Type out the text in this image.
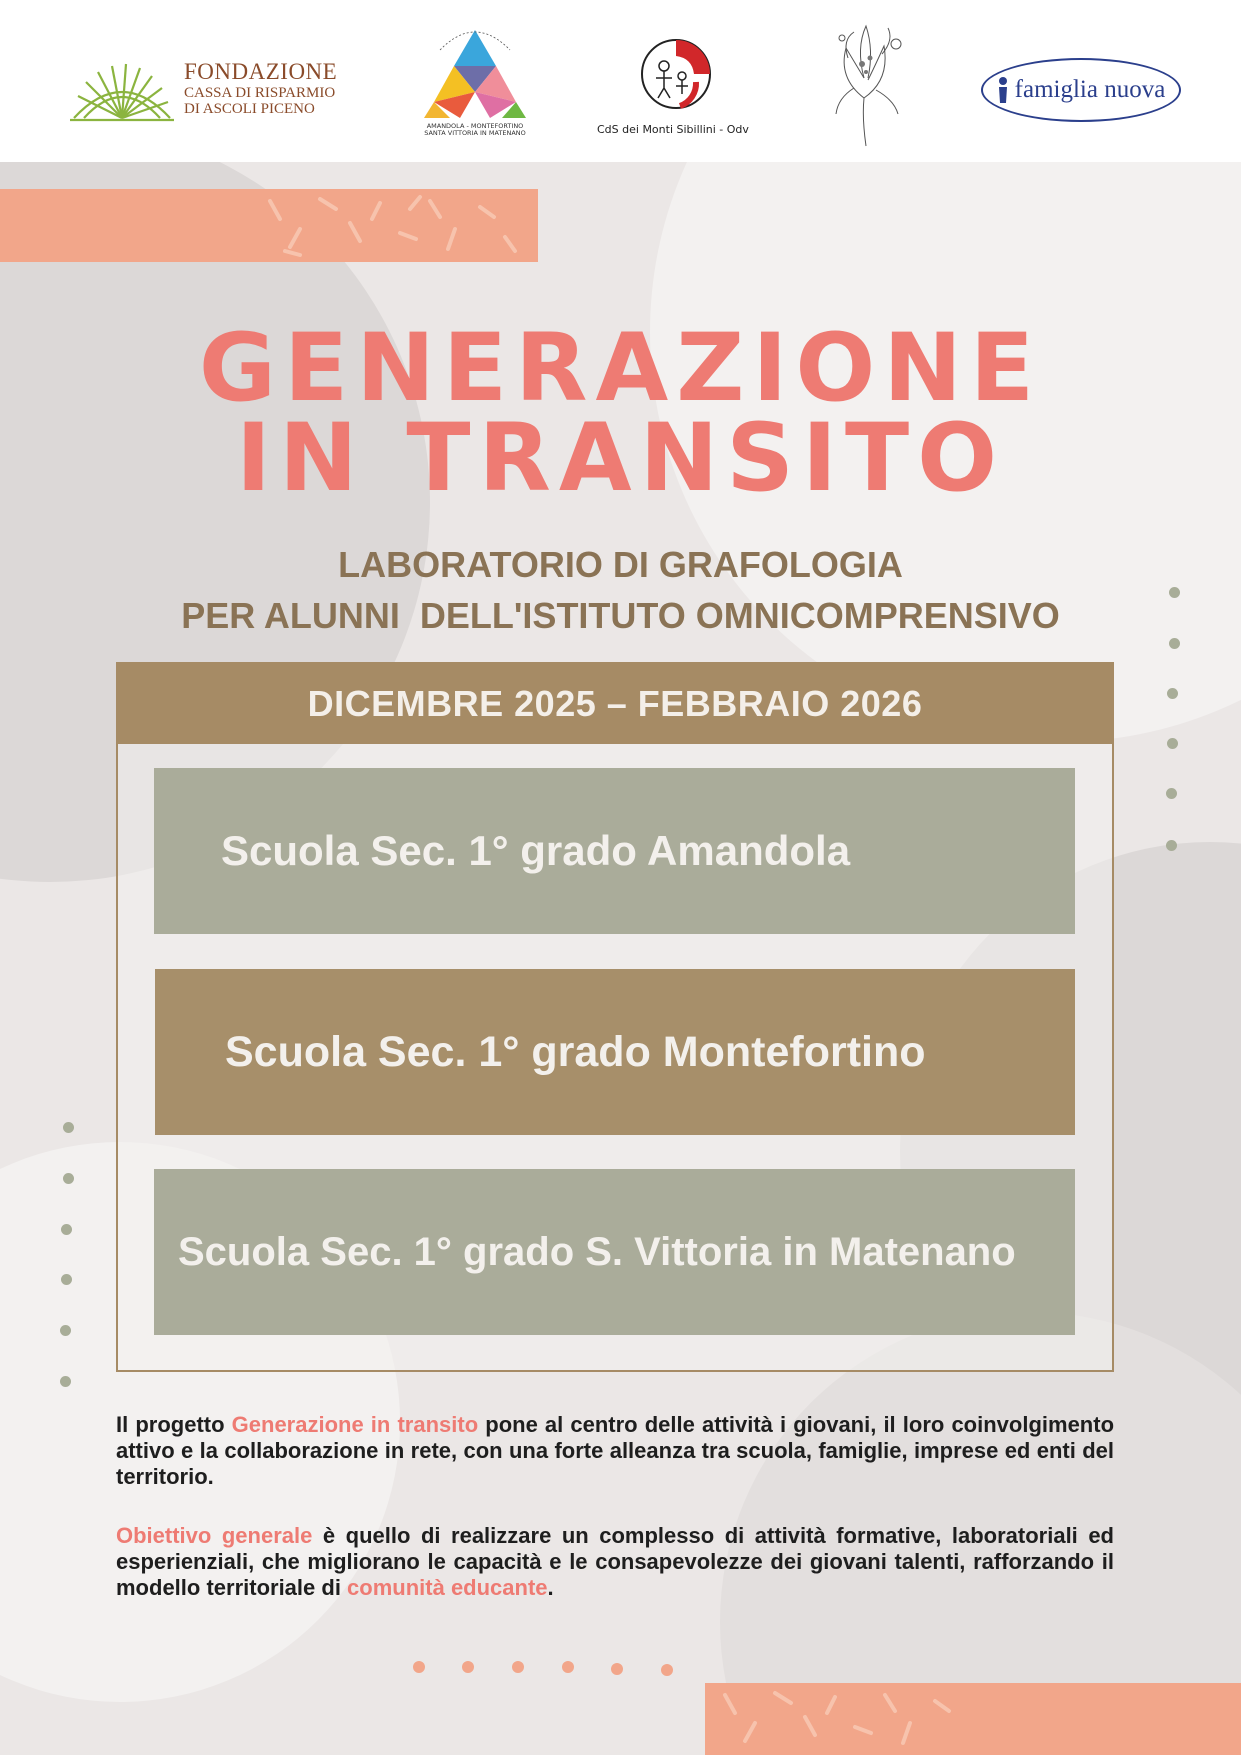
FONDAZIONE
CASSA DI RISPARMIO
DI ASCOLI PICENO
AMANDOLA - MONTEFORTINO
SANTA VITTORIA IN MATENANO	CdS dei Monti Sibillini - Odv
famiglia nuova
GENERAZIONE
IN TRANSITO
LABORATORIO DI GRAFOLOGIA
PER ALUNNI  DELL'ISTITUTO OMNICOMPRENSIVO
DICEMBRE 2025 – FEBBRAIO 2026
Scuola Sec. 1° grado Amandola
Scuola Sec. 1° grado Montefortino
Scuola Sec. 1° grado S. Vittoria in Matenano
Il progetto Generazione in transito pone al centro delle attività i giovani, il loro coinvolgimento attivo e la collaborazione in rete, con una forte alleanza tra scuola, famiglie, imprese ed enti del territorio.
Obiettivo generale è quello di realizzare un complesso di attività formative, laboratoriali ed esperienziali, che migliorano le capacità e le consapevolezze dei giovani talenti, rafforzando il modello territoriale di comunità educante.
